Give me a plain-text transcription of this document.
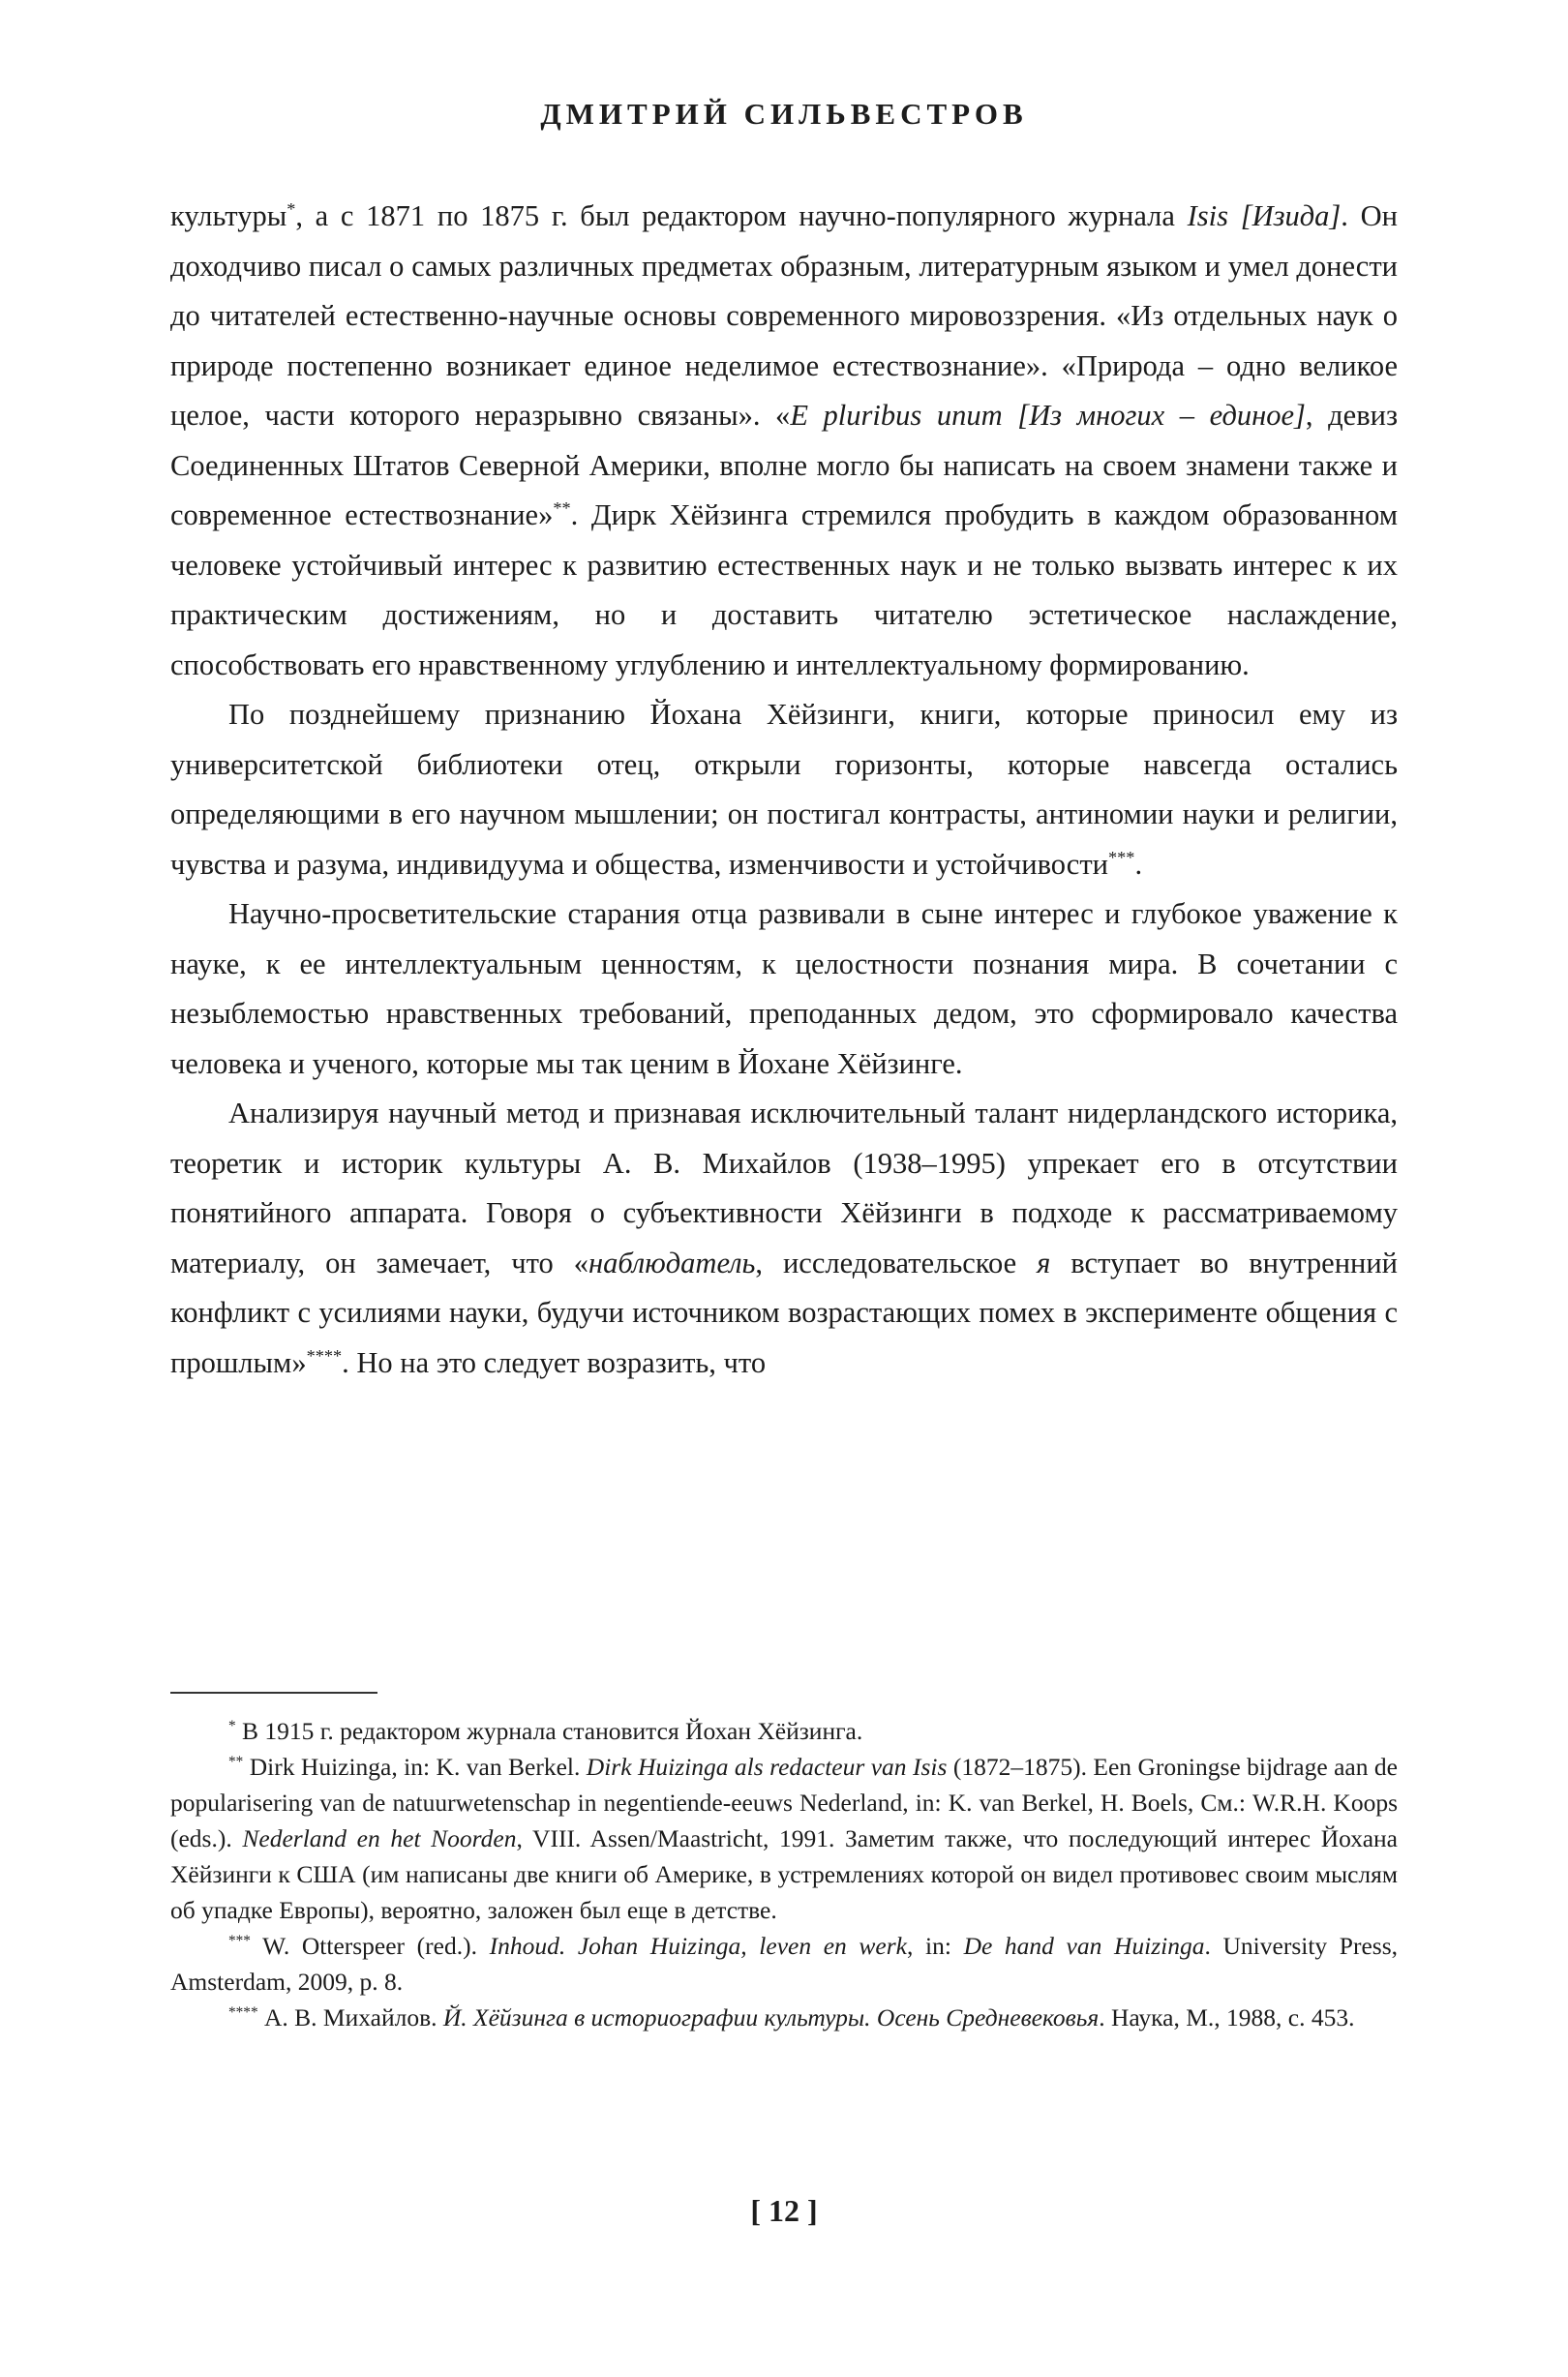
ДМИТРИЙ СИЛЬВЕСТРОВ

культуры*, а с 1871 по 1875 г. был редактором научно-популярного журнала Isis [Изида]. Он доходчиво писал о самых различных предметах образным, литературным языком и умел донести до читателей естественно-научные основы современного мировоззрения. «Из отдельных наук о природе постепенно возникает единое неделимое естествознание». «Природа – одно великое целое, части которого неразрывно связаны». «E pluribus unum [Из многих – единое], девиз Соединенных Штатов Северной Америки, вполне могло бы написать на своем знамени также и современное естествознание»**. Дирк Хёйзинга стремился пробудить в каждом образованном человеке устойчивый интерес к развитию естественных наук и не только вызвать интерес к их практическим достижениям, но и доставить читателю эстетическое наслаждение, способствовать его нравственному углублению и интеллектуальному формированию.

По позднейшему признанию Йохана Хёйзинги, книги, которые приносил ему из университетской библиотеки отец, открыли горизонты, которые навсегда остались определяющими в его научном мышлении; он постигал контрасты, антиномии науки и религии, чувства и разума, индивидуума и общества, изменчивости и устойчивости***.

Научно-просветительские старания отца развивали в сыне интерес и глубокое уважение к науке, к ее интеллектуальным ценностям, к целостности познания мира. В сочетании с незыблемостью нравственных требований, преподанных дедом, это сформировало качества человека и ученого, которые мы так ценим в Йохане Хёйзинге.

Анализируя научный метод и признавая исключительный талант нидерландского историка, теоретик и историк культуры А. В. Михайлов (1938–1995) упрекает его в отсутствии понятийного аппарата. Говоря о субъективности Хёйзинги в подходе к рассматриваемому материалу, он замечает, что «наблюдатель, исследовательское я вступает во внутренний конфликт с усилиями науки, будучи источником возрастающих помех в эксперименте общения с прошлым»****. Но на это следует возразить, что

* В 1915 г. редактором журнала становится Йохан Хёйзинга.

** Dirk Huizinga, in: K. van Berkel. Dirk Huizinga als redacteur van Isis (1872–1875). Een Groningse bijdrage aan de popularisering van de natuurwetenschap in negentiende-eeuws Nederland, in: K. van Berkel, H. Boels, См.: W.R.H. Koops (eds.). Nederland en het Noorden, VIII. Assen/Maastricht, 1991. Заметим также, что последующий интерес Йохана Хёйзинги к США (им написаны две книги об Америке, в устремлениях которой он видел противовес своим мыслям об упадке Европы), вероятно, заложен был еще в детстве.

*** W. Otterspeer (red.). Inhoud. Johan Huizinga, leven en werk, in: De hand van Huizinga. University Press, Amsterdam, 2009, p. 8.

**** А. В. Михайлов. Й. Хёйзинга в историографии культуры. Осень Средневековья. Наука, М., 1988, с. 453.

[ 12 ]
